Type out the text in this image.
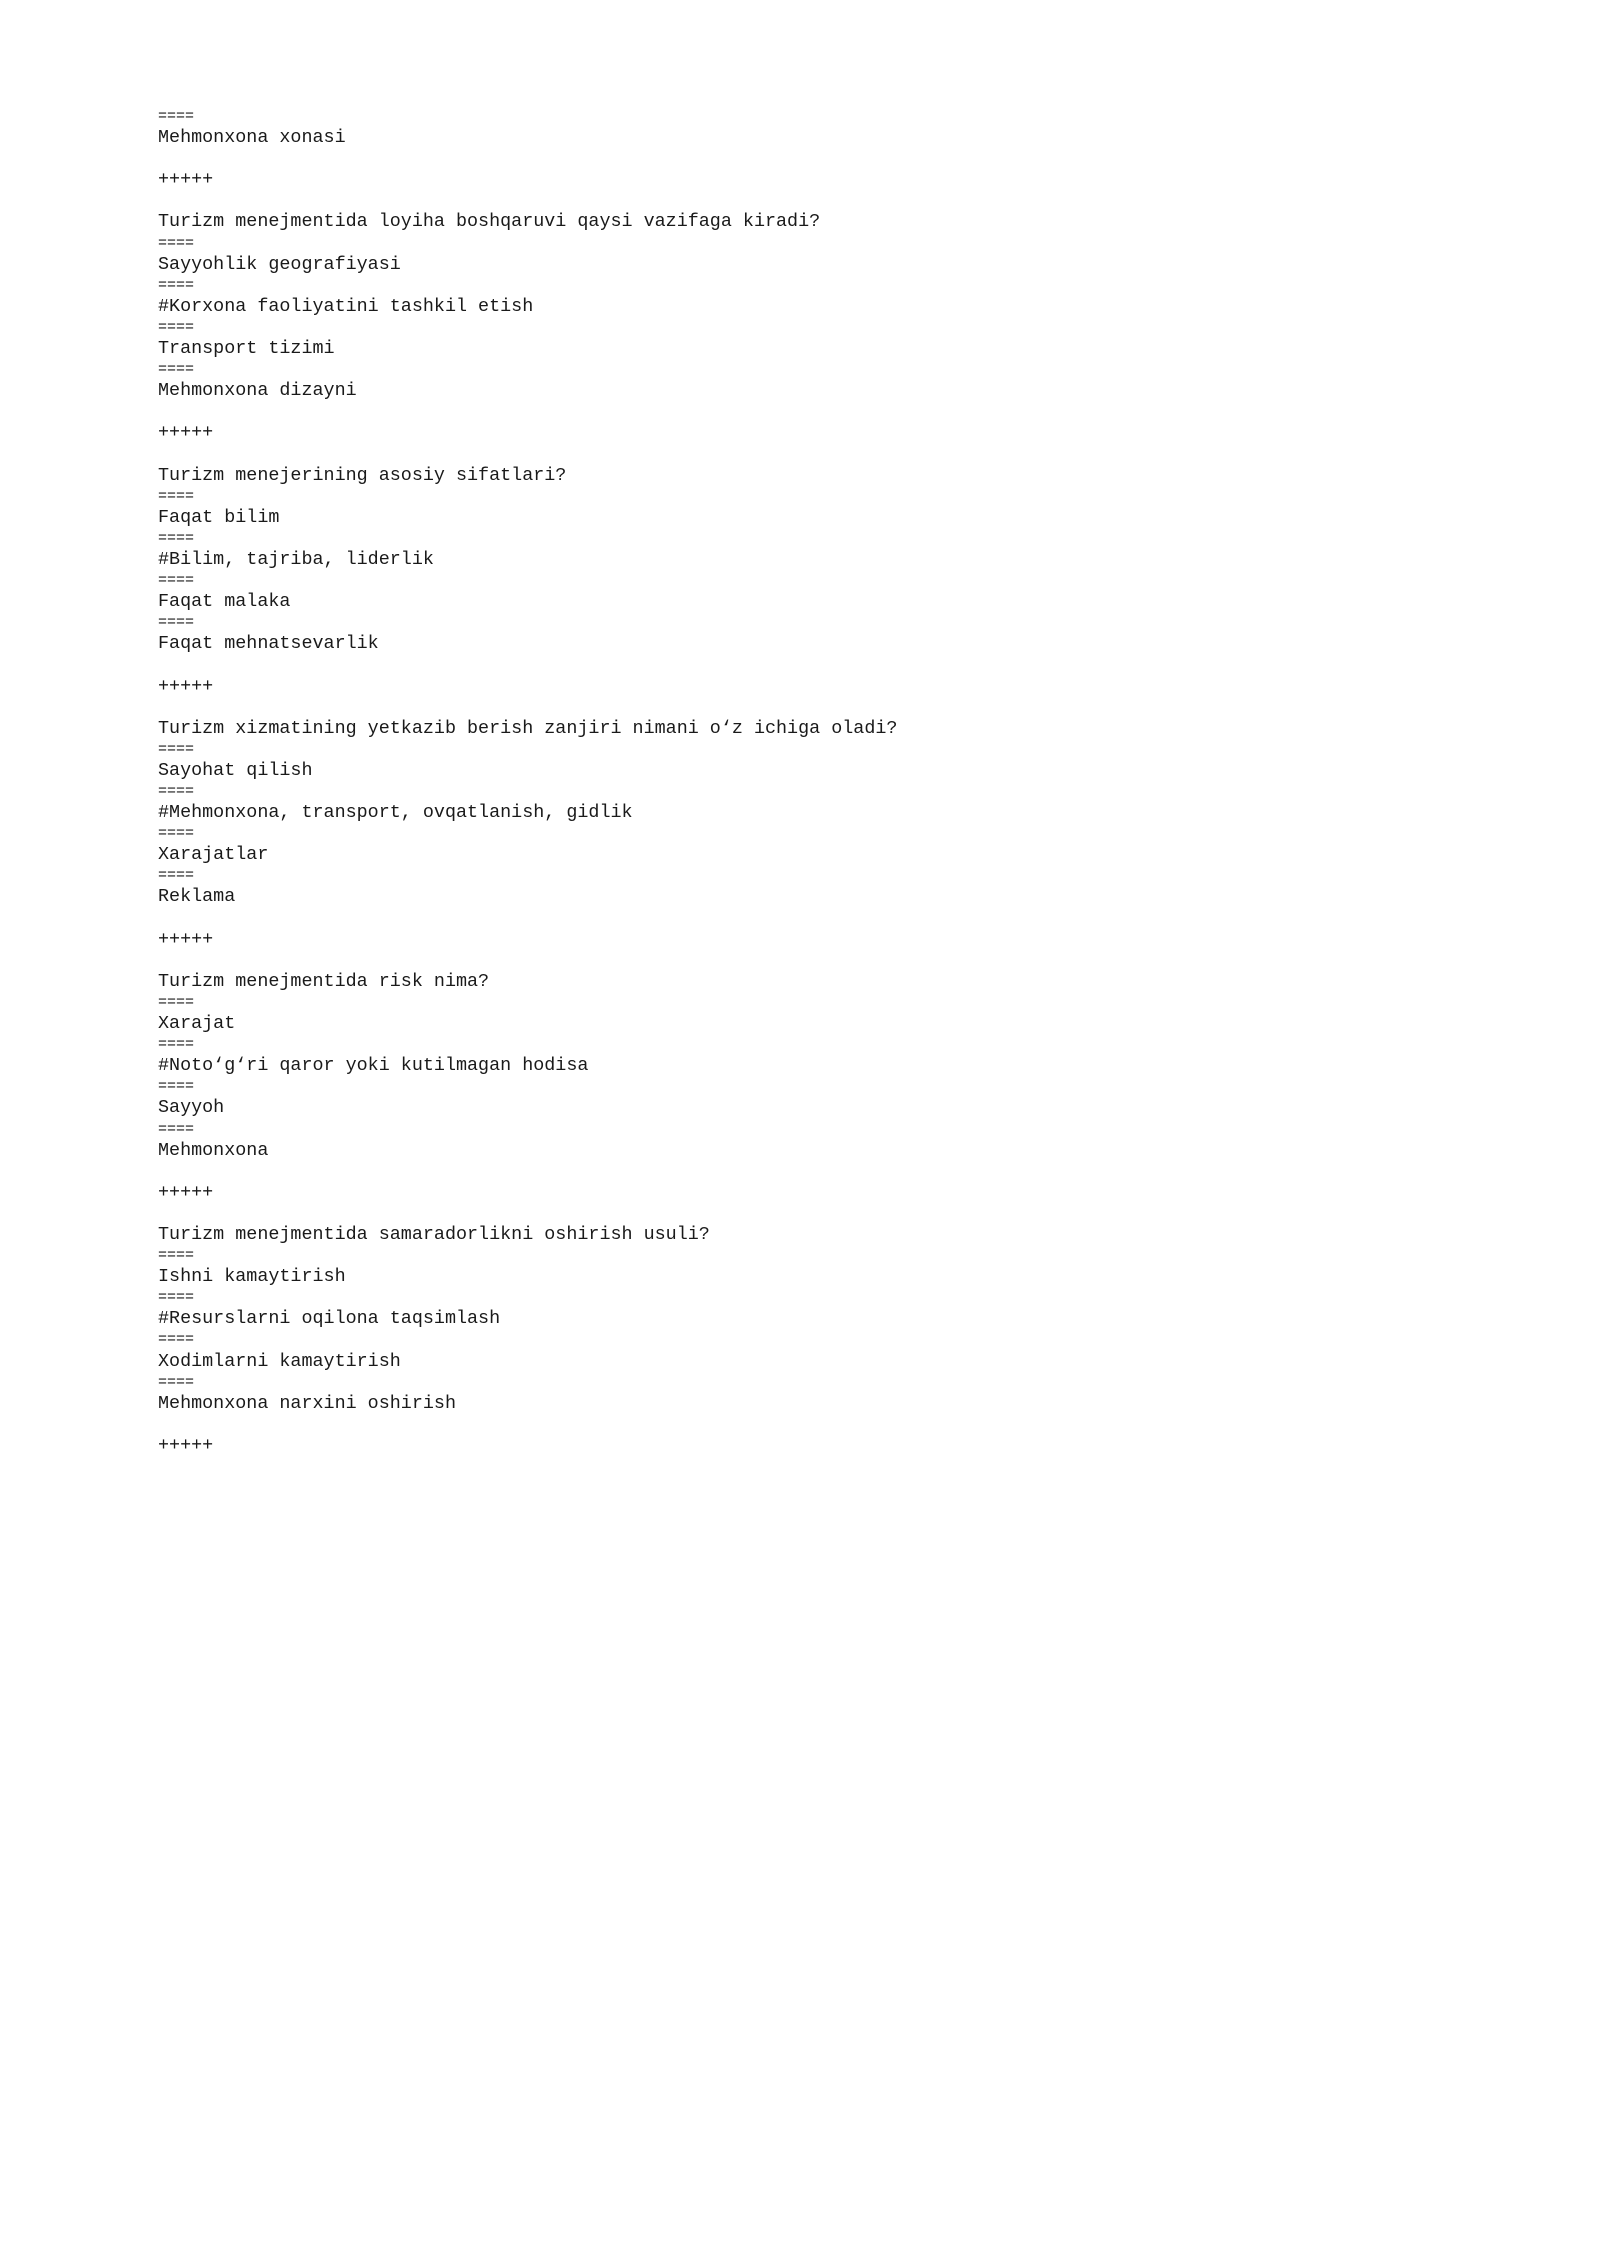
====
Mehmonxona xonasi
+++++
Turizm menejmentida loyiha boshqaruvi qaysi vazifaga kiradi?
====
Sayyohlik geografiyasi
====
#Korxona faoliyatini tashkil etish
====
Transport tizimi
====
Mehmonxona dizayni
+++++
Turizm menejerining asosiy sifatlari?
====
Faqat bilim
====
#Bilim, tajriba, liderlik
====
Faqat malaka
====
Faqat mehnatsevarlik
+++++
Turizm xizmatining yetkazib berish zanjiri nimani o‘z ichiga oladi?
====
Sayohat qilish
====
#Mehmonxona, transport, ovqatlanish, gidlik
====
Xarajatlar
====
Reklama
+++++
Turizm menejmentida risk nima?
====
Xarajat
====
#Noto‘g‘ri qaror yoki kutilmagan hodisa
====
Sayyoh
====
Mehmonxona
+++++
Turizm menejmentida samaradorlikni oshirish usuli?
====
Ishni kamaytirish
====
#Resurslarni oqilona taqsimlash
====
Xodimlarni kamaytirish
====
Mehmonxona narxini oshirish
+++++
